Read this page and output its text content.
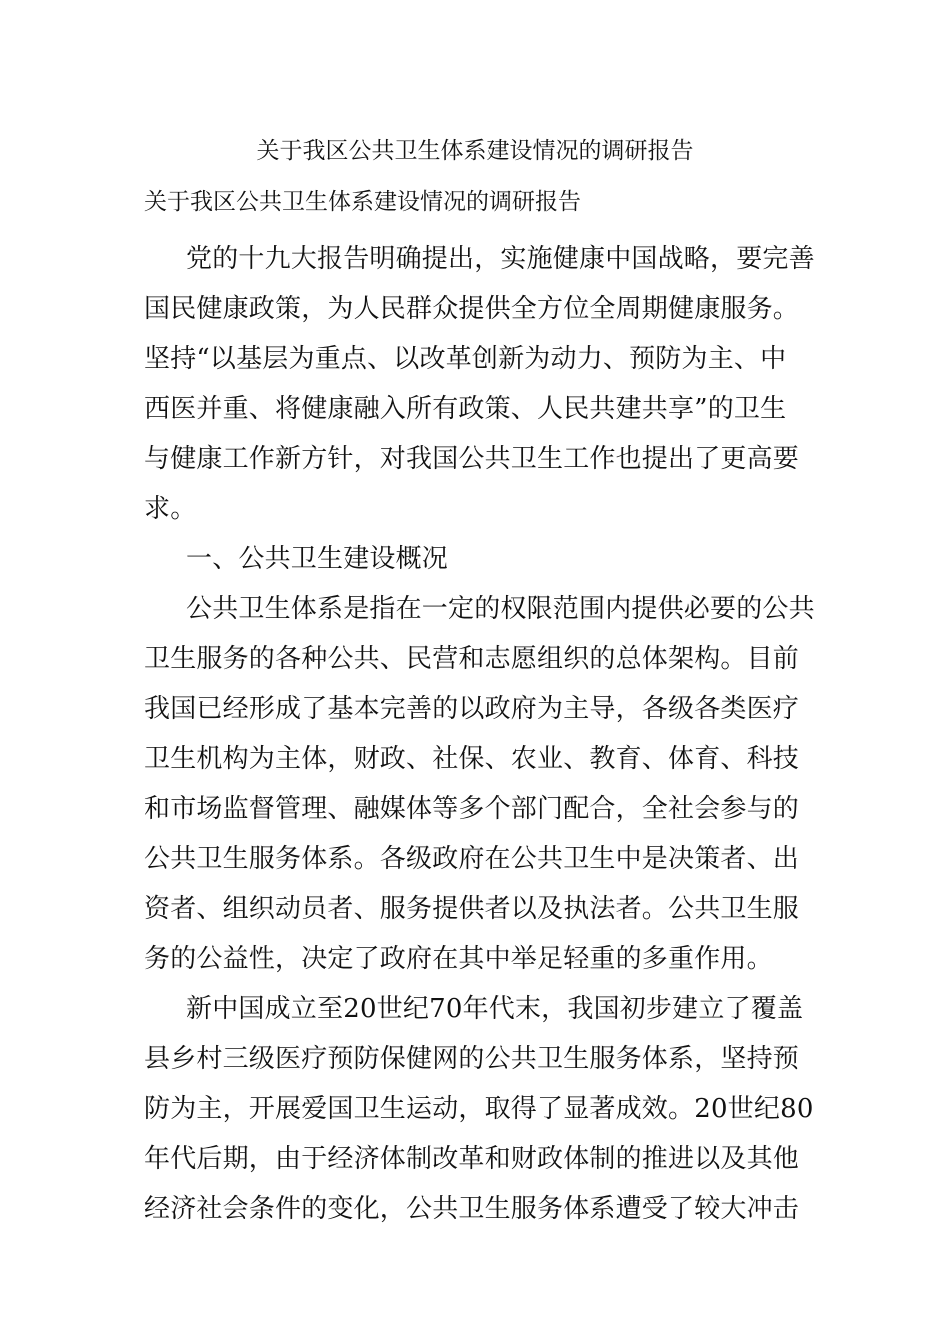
关于我区公共卫生体系建设情况的调研报告
关于我区公共卫生体系建设情况的调研报告
党的十九大报告明确提出，实施健康中国战略，要完善
国民健康政策，为人民群众提供全方位全周期健康服务。
坚持“以基层为重点、以改革创新为动力、预防为主、中
西医并重、将健康融入所有政策、人民共建共享”的卫生
与健康工作新方针，对我国公共卫生工作也提出了更高要
求。
一、公共卫生建设概况
公共卫生体系是指在一定的权限范围内提供必要的公共
卫生服务的各种公共、民营和志愿组织的总体架构。目前
我国已经形成了基本完善的以政府为主导，各级各类医疗
卫生机构为主体，财政、社保、农业、教育、体育、科技
和市场监督管理、融媒体等多个部门配合，全社会参与的
公共卫生服务体系。各级政府在公共卫生中是决策者、出
资者、组织动员者、服务提供者以及执法者。公共卫生服
务的公益性，决定了政府在其中举足轻重的多重作用。
新中国成立至20世纪70年代末，我国初步建立了覆盖
县乡村三级医疗预防保健网的公共卫生服务体系，坚持预
防为主，开展爱国卫生运动，取得了显著成效。20世纪80
年代后期，由于经济体制改革和财政体制的推进以及其他
经济社会条件的变化，公共卫生服务体系遭受了较大冲击
